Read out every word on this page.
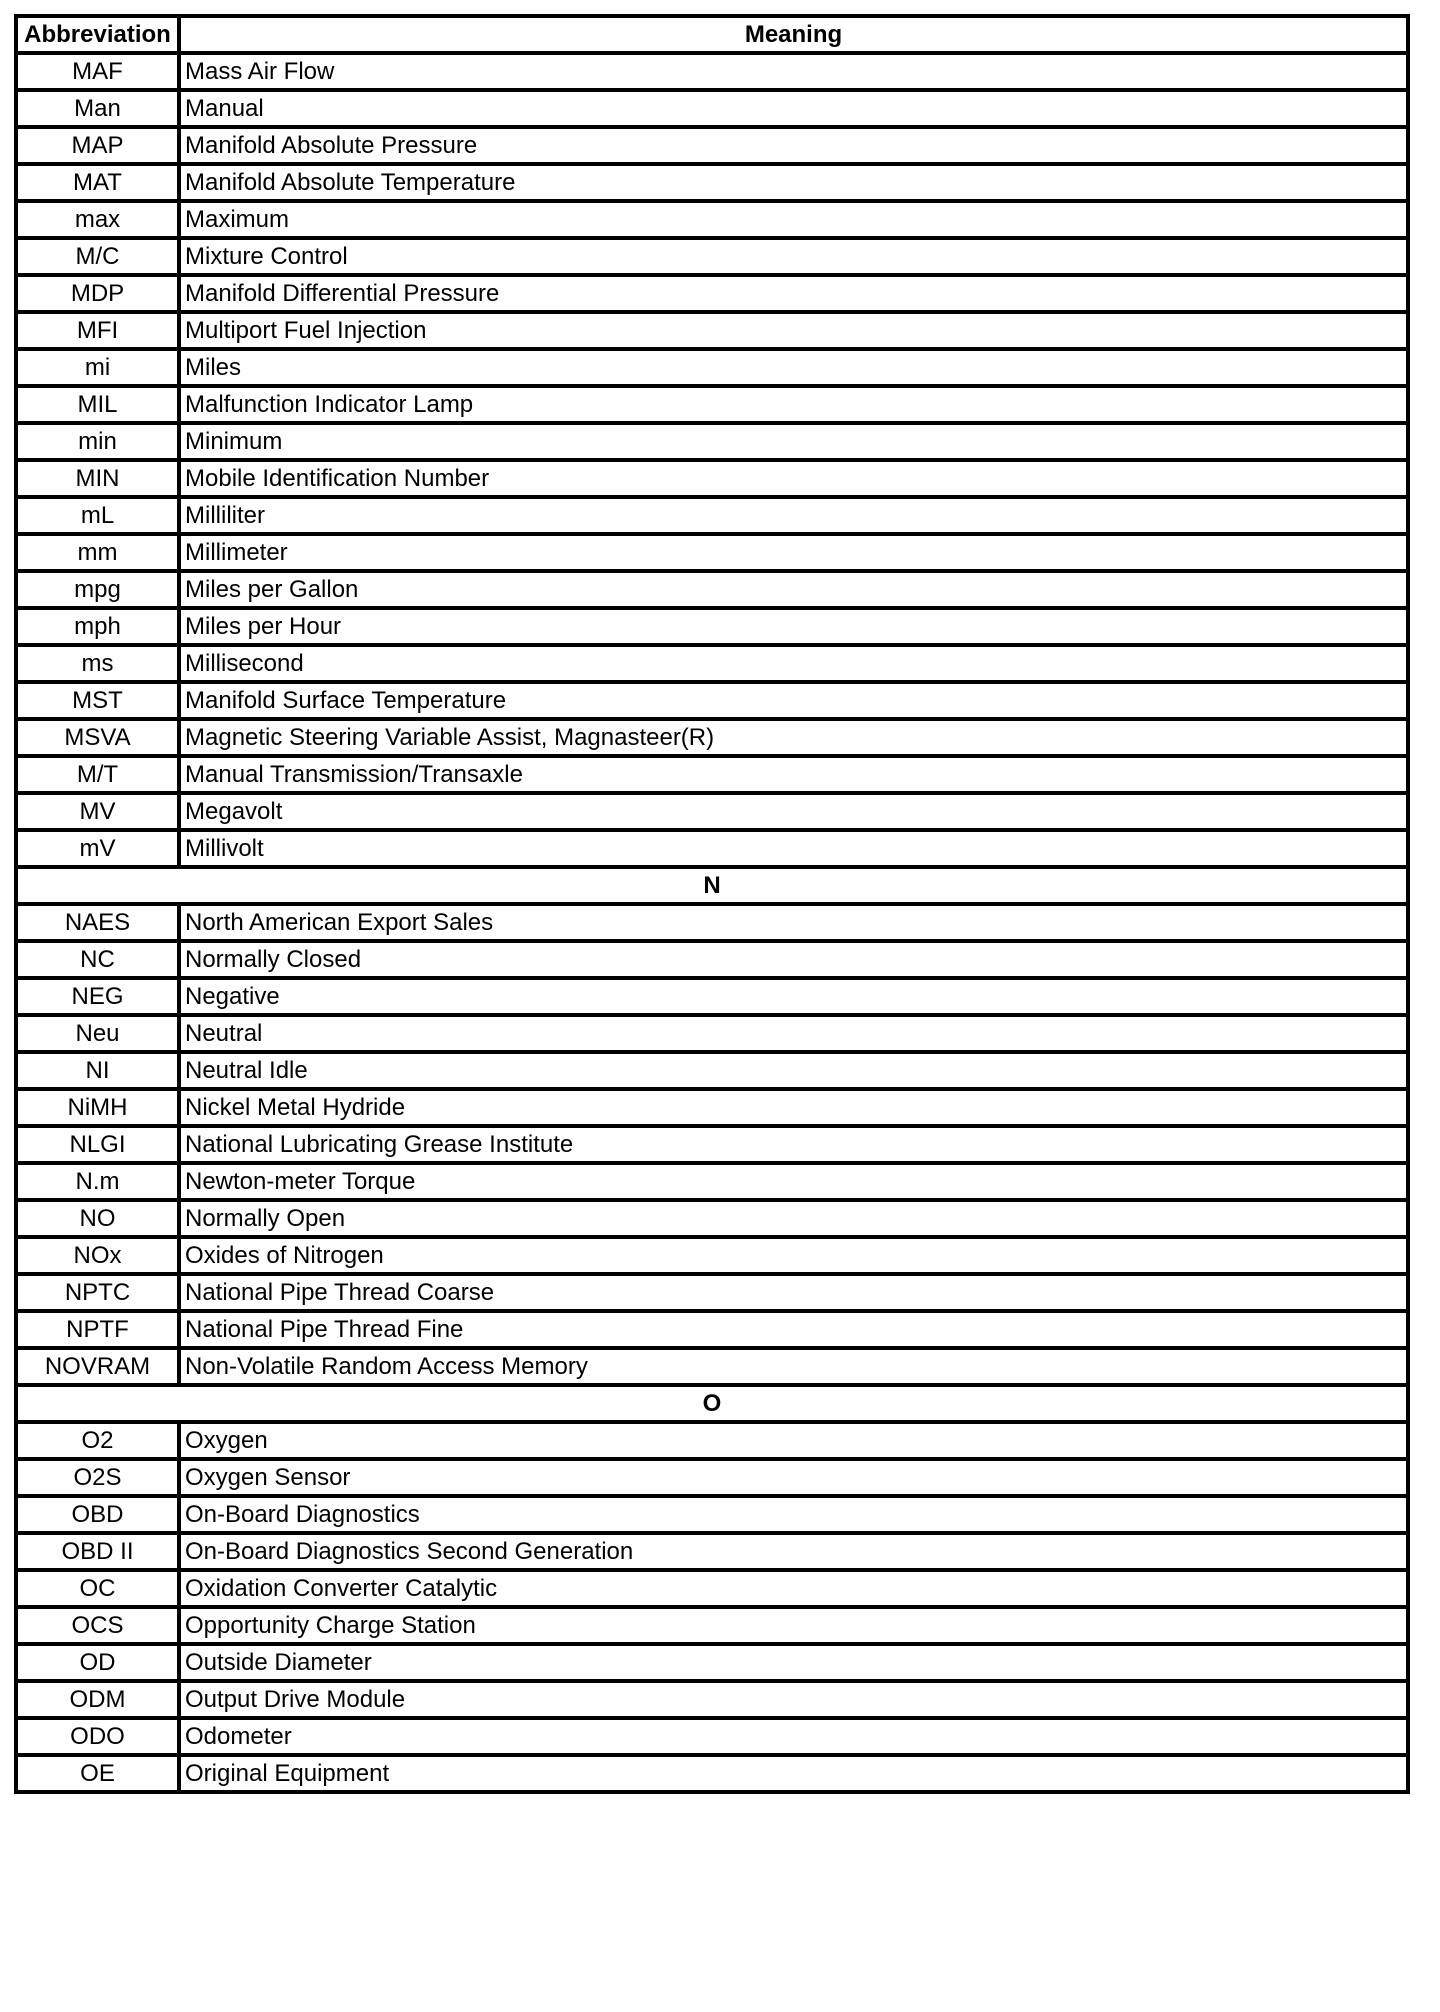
Abbreviation	Meaning
MAF	Mass Air Flow
Man	Manual
MAP	Manifold Absolute Pressure
MAT	Manifold Absolute Temperature
max	Maximum
M/C	Mixture Control
MDP	Manifold Differential Pressure
MFI	Multiport Fuel Injection
mi	Miles
MIL	Malfunction Indicator Lamp
min	Minimum
MIN	Mobile Identification Number
mL	Milliliter
mm	Millimeter
mpg	Miles per Gallon
mph	Miles per Hour
ms	Millisecond
MST	Manifold Surface Temperature
MSVA	Magnetic Steering Variable Assist, Magnasteer(R)
M/T	Manual Transmission/Transaxle
MV	Megavolt
mV	Millivolt
N	
NAES	North American Export Sales
NC	Normally Closed
NEG	Negative
Neu	Neutral
NI	Neutral Idle
NiMH	Nickel Metal Hydride
NLGI	National Lubricating Grease Institute
N.m	Newton-meter Torque
NO	Normally Open
NOx	Oxides of Nitrogen
NPTC	National Pipe Thread Coarse
NPTF	National Pipe Thread Fine
NOVRAM	Non-Volatile Random Access Memory
O	
O2	Oxygen
O2S	Oxygen Sensor
OBD	On-Board Diagnostics
OBD II	On-Board Diagnostics Second Generation
OC	Oxidation Converter Catalytic
OCS	Opportunity Charge Station
OD	Outside Diameter
ODM	Output Drive Module
ODO	Odometer
OE	Original Equipment
